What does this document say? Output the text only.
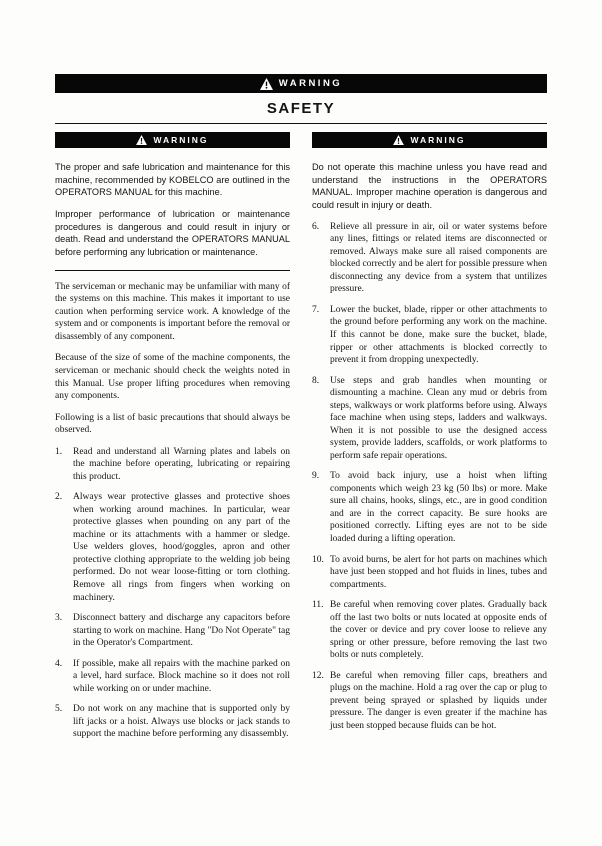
WARNING
SAFETY
WARNING

The proper and safe lubrication and maintenance for this machine, recommended by KOBELCO are outlined in the OPERATORS MANUAL for this machine.

Improper performance of lubrication or maintenance procedures is dangerous and could result in injury or death. Read and understand the OPERATORS MANUAL before performing any lubrication or maintenance.

The serviceman or mechanic may be unfamiliar with many of the systems on this machine. This makes it important to use caution when performing service work. A knowledge of the system and or components is important before the removal or disassembly of any component.

Because of the size of some of the machine components, the serviceman or mechanic should check the weights noted in this Manual. Use proper lifting procedures when removing any components.

Following is a list of basic precautions that should always be observed.

1.	Read and understand all Warning plates and labels on the machine before operating, lubricating or repairing this product.
2.	Always wear protective glasses and protective shoes when working around machines. In particular, wear protective glasses when pounding on any part of the machine or its attachments with a hammer or sledge. Use welders gloves, hood/goggles, apron and other protective clothing appropriate to the welding job being performed. Do not wear loose-fitting or torn clothing. Remove all rings from fingers when working on machinery.
3.	Disconnect battery and discharge any capacitors before starting to work on machine. Hang "Do Not Operate" tag in the Operator's Compartment.
4.	If possible, make all repairs with the machine parked on a level, hard surface. Block machine so it does not roll while working on or under machine.
5.	Do not work on any machine that is supported only by lift jacks or a hoist. Always use blocks or jack stands to support the machine before performing any disassembly.
WARNING

Do not operate this machine unless you have read and understand the instructions in the OPERATORS MANUAL. Improper machine operation is dangerous and could result in injury or death.

6.	Relieve all pressure in air, oil or water systems before any lines, fittings or related items are disconnected or removed. Always make sure all raised components are blocked correctly and be alert for possible pressure when disconnecting any device from a system that untilizes pressure.
7.	Lower the bucket, blade, ripper or other attachments to the ground before performing any work on the machine. If this cannot be done, make sure the bucket, blade, ripper or other attachments is blocked correctly to prevent it from dropping unexpectedly.
8.	Use steps and grab handles when mounting or dismounting a machine. Clean any mud or debris from steps, walkways or work platforms before using. Always face machine when using steps, ladders and walkways. When it is not possible to use the designed access system, provide ladders, scaffolds, or work platforms to perform safe repair operations.
9.	To avoid back injury, use a hoist when lifting components which weigh 23 kg (50 lbs) or more. Make sure all chains, hooks, slings, etc., are in good condition and are in the correct capacity. Be sure hooks are positioned correctly. Lifting eyes are not to be side loaded during a lifting operation.
10. To avoid burns, be alert for hot parts on machines which have just been stopped and hot fluids in lines, tubes and compartments.
11. Be careful when removing cover plates. Gradually back off the last two bolts or nuts located at opposite ends of the cover or device and pry cover loose to relieve any spring or other pressure, before removing the last two bolts or nuts completely.
12. Be careful when removing filler caps, breathers and plugs on the machine. Hold a rag over the cap or plug to prevent being sprayed or splashed by liquids under pressure. The danger is even greater if the machine has just been stopped because fluids can be hot.
